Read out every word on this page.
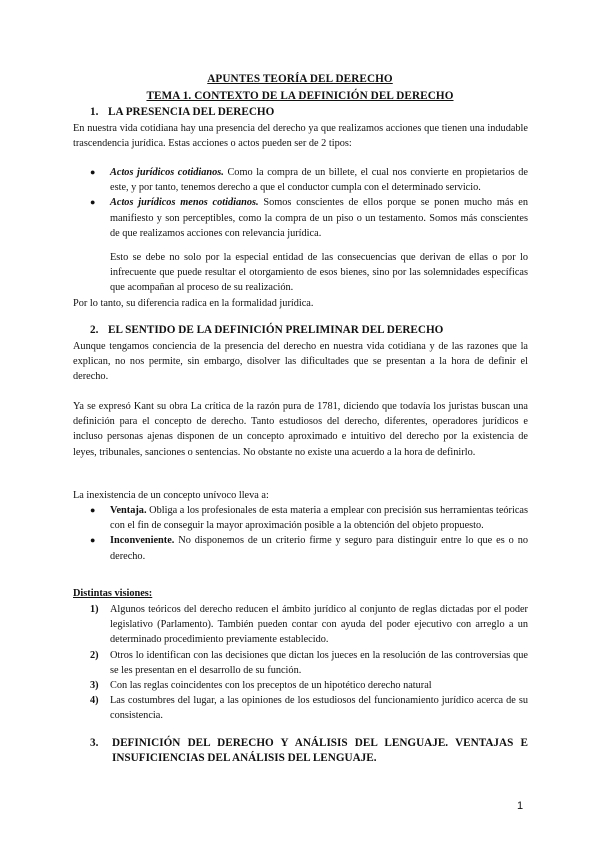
APUNTES TEORÍA DEL DERECHO
TEMA 1. CONTEXTO DE LA DEFINICIÓN DEL DERECHO
1. LA PRESENCIA DEL DERECHO

En nuestra vida cotidiana hay una presencia del derecho ya que realizamos acciones que tienen una indudable trascendencia jurídica. Estas acciones o actos pueden ser de 2 tipos:

● Actos jurídicos cotidianos. Como la compra de un billete, el cual nos convierte en propietarios de este, y por tanto, tenemos derecho a que el conductor cumpla con el determinado servicio.
● Actos jurídicos menos cotidianos. Somos conscientes de ellos porque se ponen mucho más en manifiesto y son perceptibles, como la compra de un piso o un testamento. Somos más conscientes de que realizamos acciones con relevancia jurídica.

Esto se debe no solo por la especial entidad de las consecuencias que derivan de ellas o por lo infrecuente que puede resultar el otorgamiento de esos bienes, sino por las solemnidades específicas que acompañan al proceso de su realización.

Por lo tanto, su diferencia radica en la formalidad jurídica.

2. EL SENTIDO DE LA DEFINICIÓN PRELIMINAR DEL DERECHO

Aunque tengamos conciencia de la presencia del derecho en nuestra vida cotidiana y de las razones que la explican, no nos permite, sin embargo, disolver las dificultades que se presentan a la hora de definir el derecho.

Ya se expresó Kant su obra La crítica de la razón pura de 1781, diciendo que todavía los juristas buscan una definición para el concepto de derecho. Tanto estudiosos del derecho, diferentes, operadores jurídicos e incluso personas ajenas disponen de un concepto aproximado e intuitivo del derecho por la existencia de leyes, tribunales, sanciones o sentencias. No obstante no existe una acuerdo a la hora de definirlo.

La inexistencia de un concepto unívoco lleva a:

● Ventaja. Obliga a los profesionales de esta materia a emplear con precisión sus herramientas teóricas con el fin de conseguir la mayor aproximación posible a la obtención del objeto propuesto.
● Inconveniente. No disponemos de un criterio firme y seguro para distinguir entre lo que es o no derecho.
Distintas visiones:
1) Algunos teóricos del derecho reducen el ámbito jurídico al conjunto de reglas dictadas por el poder legislativo (Parlamento). También pueden contar con ayuda del poder ejecutivo con arreglo a un determinado procedimiento previamente establecido.
2) Otros lo identifican con las decisiones que dictan los jueces en la resolución de las controversias que se les presentan en el desarrollo de su función.
3) Con las reglas coincidentes con los preceptos de un hipotético derecho natural
4) Las costumbres del lugar, a las opiniones de los estudiosos del funcionamiento jurídico acerca de su consistencia.
3.	DEFINICIÓN DEL DERECHO Y ANÁLISIS DEL LENGUAJE. VENTAJAS E INSUFICIENCIAS DEL ANÁLISIS DEL LENGUAJE.
1
